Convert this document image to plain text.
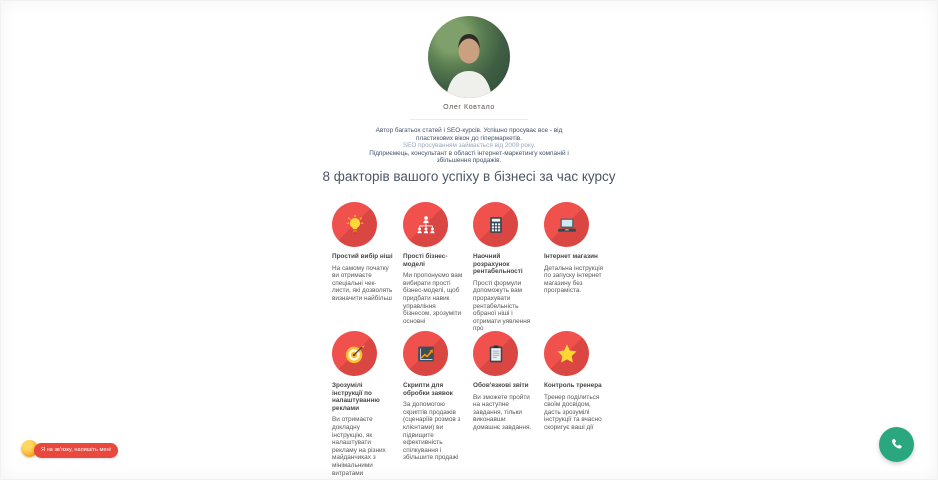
Олег Ковтало
Автор багатьох статей і SEO-курсів. Успішно просуває все - від
пластикових вікон до гіпермаркетів.
SEO просуванням займається від 2009 року.
Підприємець, консультант в області інтернет-маркетингу компаній і
збільшення продажів.
8 факторів вашого успіху в бізнесі за час курсу
Простий вибір ніші
На самому початку ви отримаєте спеціальні чек-листи, які дозволять визначити найбільш
Прості бізнес-моделі
Ми пропонуємо вам вибирати прості бізнес-моделі, щоб придбати навик управління бізнесом, зрозуміти основні
Наочний розрахунок рентабельності
Прості формули допоможуть вам прорахувати рентабельність обраної ніші і отримати уявлення про
Інтернет магазин
Детальна інструкція по запуску інтернет магазину без програміста.
Зрозумілі інструкції по налаштуванню реклами
Ви отримаєте докладну інструкцію, як налаштувати рекламу на різних майданчиках з мінімальними витратами
Скрипти для обробки заявок
За допомогою скриптів продажів (сценаріїв розмов з клієнтами) ви підвищите ефективність спілкування і збільшите продажі
Обов'язкові звіти
Ви зможете пройти на наступне завдання, тільки виконавши домашнє завдання.
Контроль тренера
Тренер поділиться своїм досвідом, дасть зрозумілі інструкції та вчасно скоригує ваші дії
Я на зв'язку, напишіть мені
